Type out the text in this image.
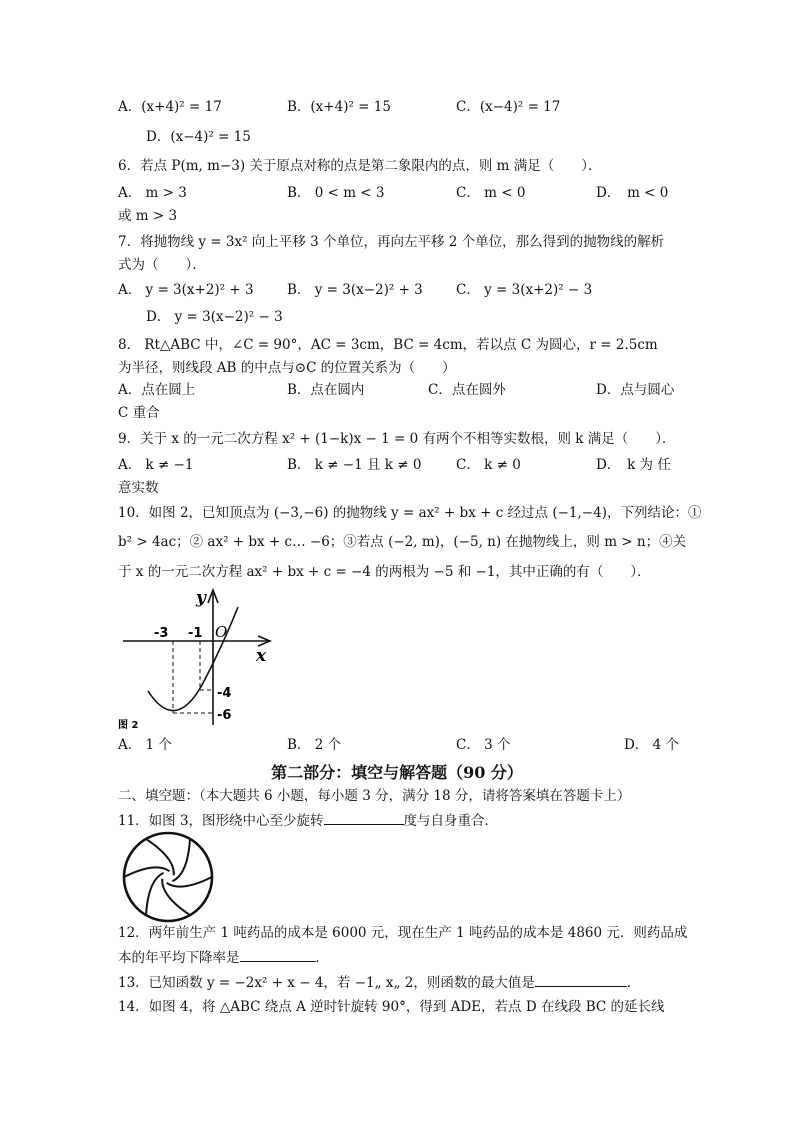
A．(x+4)² = 17	B．(x+4)² = 15	C．(x−4)² = 17
D．(x−4)² = 15
6．若点 P(m, m−3) 关于原点对称的点是第二象限内的点，则 m 满足（　　）．
A． m > 3	B． 0 < m < 3	C． m < 0	D．　m < 0
或 m > 3
7．将抛物线 y = 3x² 向上平移 3 个单位，再向左平移 2 个单位，那么得到的抛物线的解析
式为（　　）．
A． y = 3(x+2)² + 3 B． y = 3(x−2)² + 3 C． y = 3(x+2)² − 3
D． y = 3(x−2)² − 3
8． Rt△ABC 中，∠C = 90°，AC = 3cm，BC = 4cm，若以点 C 为圆心，r = 2.5cm
为半径，则线段 AB 的中点与⊙C 的位置关系为（　　）
A．点在圆上	B．点在圆内	C．点在圆外	D．点与圆心
C 重合
9．关于 x 的一元二次方程 x² + (1−k)x − 1 = 0 有两个不相等实数根，则 k 满足（　　）．
A． k ≠ −1	B． k ≠ −1 且 k ≠ 0	C． k ≠ 0	D．　k 为 任
意实数
10．如图 2，已知顶点为 (−3,−6) 的抛物线 y = ax² + bx + c 经过点 (−1,−4)，下列结论：①
b² > 4ac；② ax² + bx + c… −6；③若点 (−2, m)，(−5, n) 在抛物线上，则 m > n；④关
于 x 的一元二次方程 ax² + bx + c = −4 的两根为 −5 和 −1，其中正确的有（　　）．
y
x
O
-3 -1
-4
-6
图 2
A． 1 个	B． 2 个	C． 3 个	D． 4 个
第二部分：填空与解答题（90 分）
二、填空题：（本大题共 6 小题，每小题 3 分，满分 18 分，请将答案填在答题卡上）
11．如图 3，图形绕中心至少旋转	度与自身重合．
12．两年前生产 1 吨药品的成本是 6000 元，现在生产 1 吨药品的成本是 4860 元．则药品成
本的年平均下降率是	．
13．已知函数 y = −2x² + x − 4，若 −1„ x„ 2，则函数的最大值是	．
14．如图 4，将 △ABC 绕点 A 逆时针旋转 90°，得到 ADE，若点 D 在线段 BC 的延长线
